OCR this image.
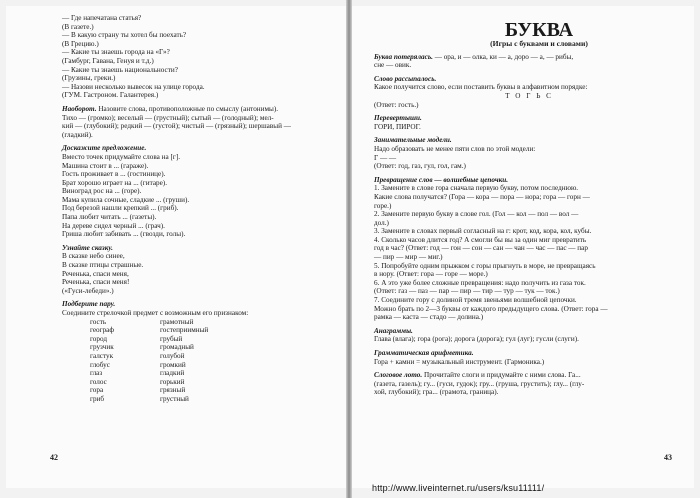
— Где напечатана статья?
(В газете.)
— В какую страну ты хотел бы поехать?
(В Грецию.)
— Какие ты знаешь города на «Г»?
(Гамбург, Гавана, Генуя и т.д.)
— Какие ты знаешь национальности?
(Грузины, греки.)
— Назови несколько вывесок на улице города.
(ГУМ. Гастроном. Галантерея.)
Наоборот. Назовите слова, противоположные по смыслу (антонимы).
Тихо — (громко); веселый — (грустный); сытый — (голодный); мел-
кий — (глубокий); редкий — (густой); чистый — (грязный); шершавый —
(гладкий).
Доскажите предложение.
Вместо точек придумайте слова на [г].
Машина стоит в ... (гараже).
Гость проживает в ... (гостинице).
Брат хорошо играет на ... (гитаре).
Виноград рос на ... (горе).
Мама купила сочные, сладкие ... (груши).
Под березой нашли крепкий ... (гриб).
Папа любит читать ... (газеты).
На дереве сидел черный ... (грач).
Гриша любит забивать ... (гвозди, голы).
Узнайте сказку.
В сказке небо синее,
В сказке птицы страшные.
Реченька, спаси меня,
Реченька, спаси меня!
(«Гуси-лебеди».)
Подберите пару.
Соедините стрелочкой предмет с возможным его признаком:
гость	грамотный
географ	гостеприимный
город	грубый
грузчик	громадный
галстук	голубой
глобус	громкий
глаз	гладкий
голос	горький
гора	грязный
гриб	грустный
42
БУКВА
(Игры с буквами и словами)
Буква потерялась. — ора, и — олка, ки — а, доро — а, — рибы,
сне — овик.
Слово рассыпалось.
Какое получится слово, если поставить буквы в алфавитном порядке:
Т О Г Ь С
(Ответ: гость.)
Перевертыши.
ГОРИ, ПИРОГ.
Занимательные модели.
Надо образовать не менее пяти слов по этой модели:
Г — —
(Ответ: год, газ, гул, гол, гам.)
Превращение слов — волшебные цепочки.
1. Замените в слове гора сначала первую букву, потом последнюю.
Какие слова получатся? (Гора — кора — пора — нора; гора — горн —
горе.)
2. Замените первую букву в слове гол. (Гол — кол — пол — вол —
дол.)
3. Замените в словах первый согласный на г: крот, код, кора, кол, кубы.
4. Сколько часов длится год? А смогли бы вы за один миг превратить
год в час? (Ответ: год — гон — сон — сан — чан — час — пас — пар
— пир — мир — миг.)
5. Попробуйте одним прыжком с горы прыгнуть в море, не превращаясь
в нору. (Ответ: гора — горе — море.)
6. А это уже более сложные превращения: надо получить из газа ток.
(Ответ: газ — паз — пар — пир — тир — тур — тук — ток.)
7. Соедините гору с долиной тремя звеньями волшебной цепочки.
Можно брать по 2—3 буквы от каждого предыдущего слова. (Ответ: гора —
рамка — каста — стадо — долина.)
Анаграммы.
Глава (влага); гора (рога); дорога (дорога); гул (луг); гусли (слуги).
Грамматическая арифметика.
Гора + камни = музыкальный инструмент. (Гармоника.)
Слоговое лото. Прочитайте слоги и придумайте с ними слова. Га...
(газета, газель); гу... (гуси, гудок); гру... (груша, грустить); глу... (глу-
хой, глубокий); гра... (грамота, граница).
43
http://www.liveinternet.ru/users/ksu11111/
